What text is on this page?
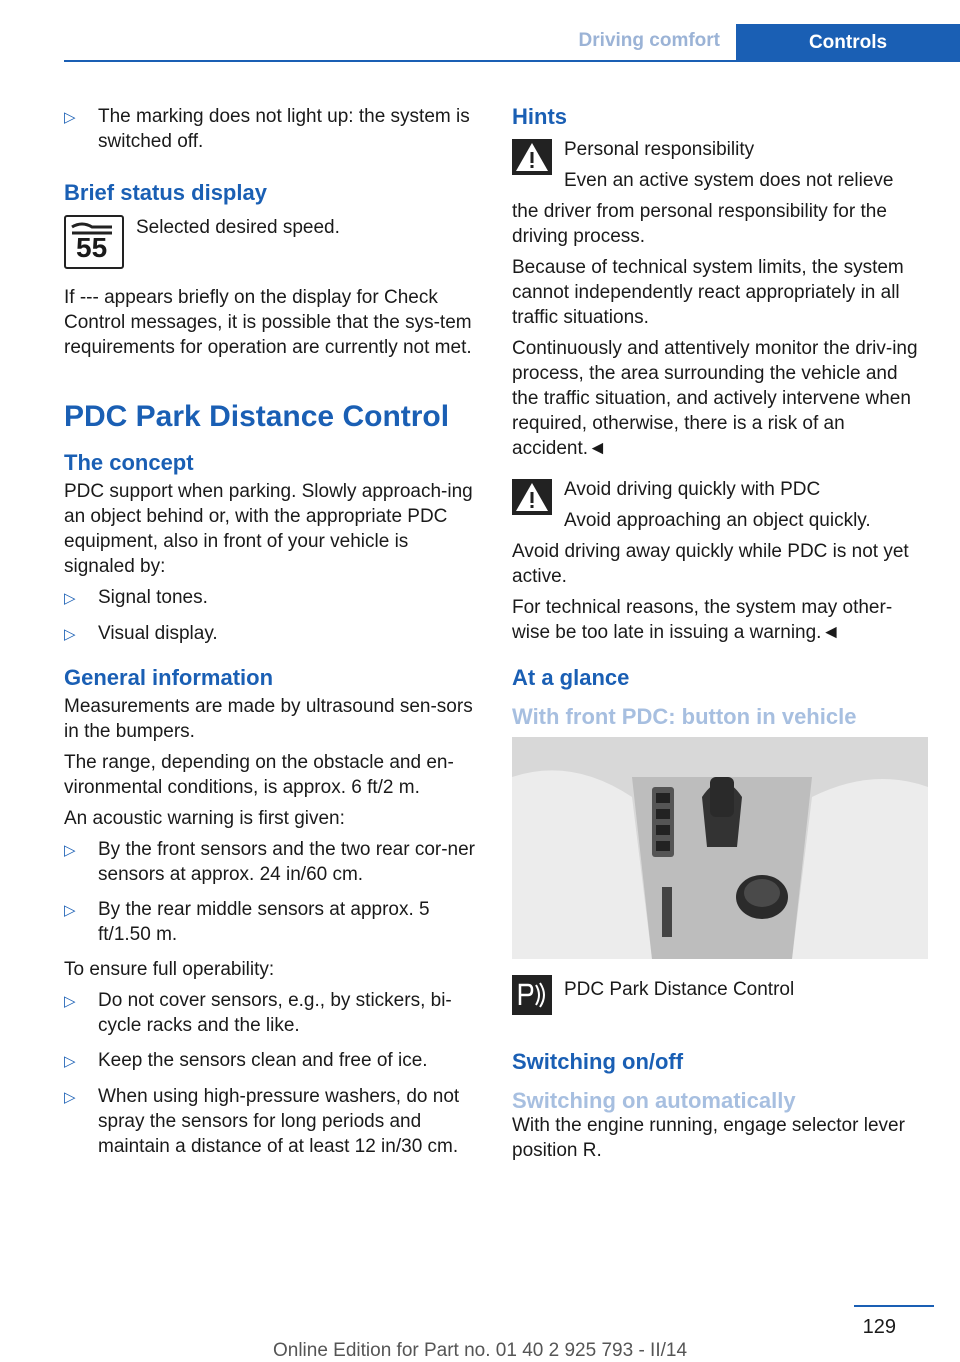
Driving comfort	Controls
▷	The marking does not light up: the system is switched off.
Brief status display
55
Selected desired speed.

If --- appears briefly on the display for Check Control messages, it is possible that the sys‐tem requirements for operation are currently not met.

PDC Park Distance Control
The concept

PDC support when parking. Slowly approach‐ing an object behind or, with the appropriate PDC equipment, also in front of your vehicle is signaled by:

▷	Signal tones.
▷	Visual display.
General information

Measurements are made by ultrasound sen‐sors in the bumpers.

The range, depending on the obstacle and en‐vironmental conditions, is approx. 6 ft/2 m.

An acoustic warning is first given:

▷	By the front sensors and the two rear cor‐ner sensors at approx. 24 in/60 cm.
▷	By the rear middle sensors at approx. 5 ft/1.50 m.

To ensure full operability:

▷	Do not cover sensors, e.g., by stickers, bi‐cycle racks and the like.
▷	Keep the sensors clean and free of ice.
▷	When using high-pressure washers, do not spray the sensors for long periods and maintain a distance of at least 12 in/30 cm.
Hints

Personal responsibility

Even an active system does not relieve

the driver from personal responsibility for the driving process.

Because of technical system limits, the system cannot independently react appropriately in all traffic situations.

Continuously and attentively monitor the driv‐ing process, the area surrounding the vehicle and the traffic situation, and actively intervene when required, otherwise, there is a risk of an accident.◄

Avoid driving quickly with PDC

Avoid approaching an object quickly.

Avoid driving away quickly while PDC is not yet active.

For technical reasons, the system may other‐wise be too late in issuing a warning.◄

At a glance
With front PDC: button in vehicle

PDC Park Distance Control

Switching on/off
Switching on automatically

With the engine running, engage selector lever position R.

129
Online Edition for Part no. 01 40 2 925 793 - II/14
